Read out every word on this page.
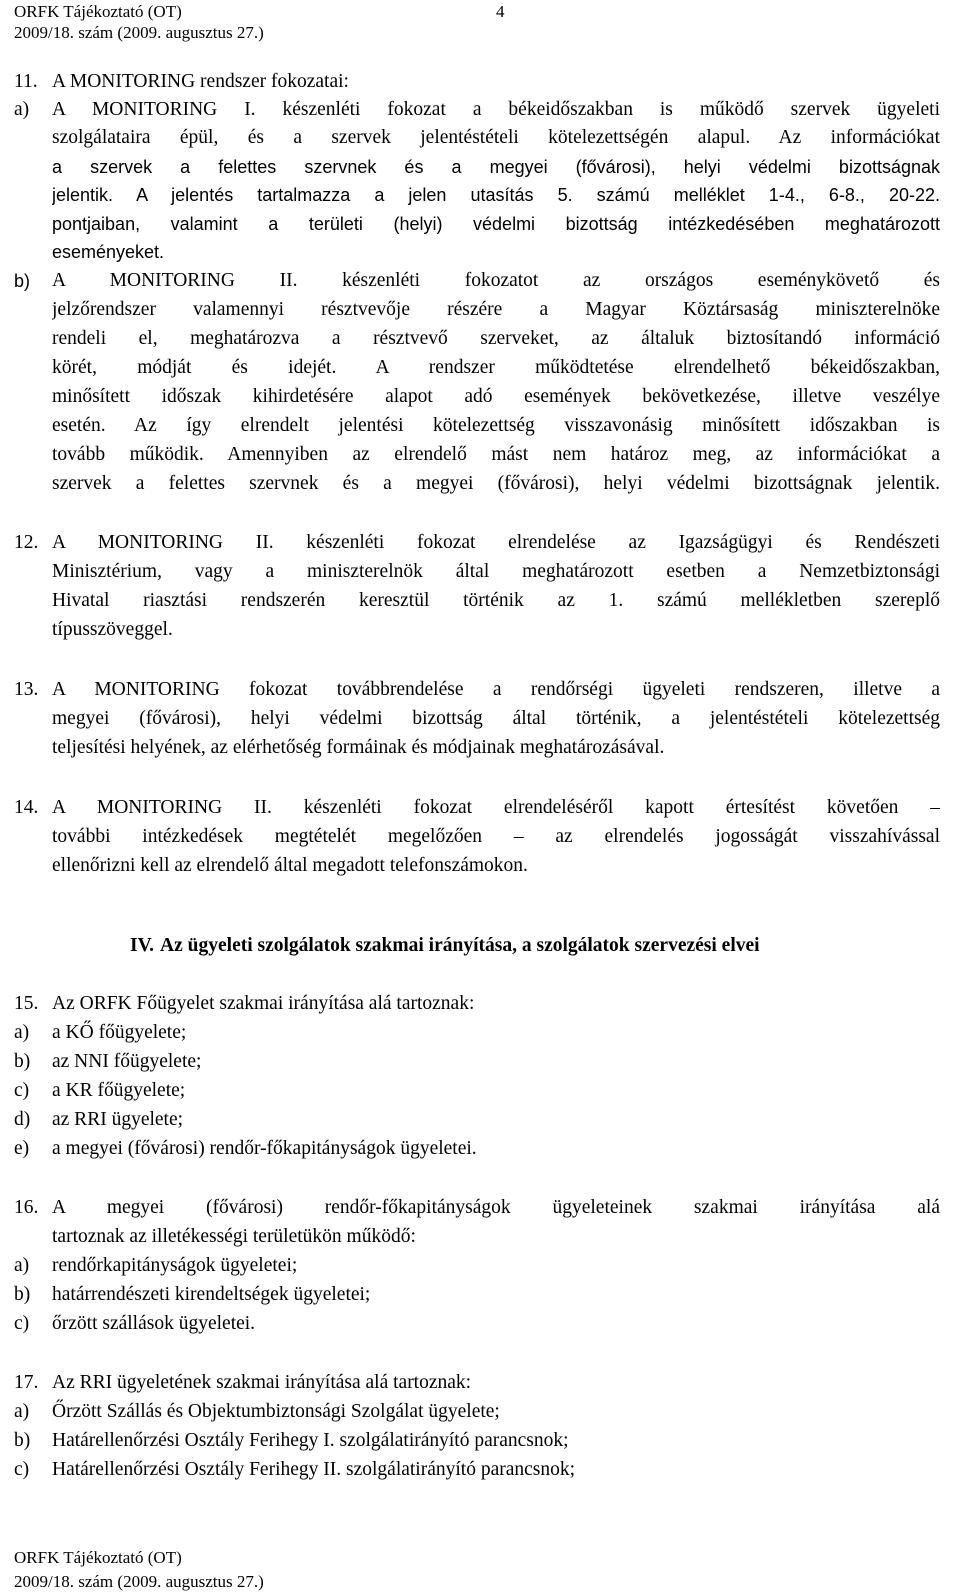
ORFK Tájékoztató (OT)	4
2009/18. szám (2009. augusztus 27.)
11. A MONITORING rendszer fokozatai:
a) A MONITORING I. készenléti fokozat a békeidőszakban is működő szervek ügyeleti
szolgálataira épül, és a szervek jelentéstételi kötelezettségén alapul. Az információkat
a szervek a felettes szervnek és a megyei (fővárosi), helyi védelmi bizottságnak
jelentik. A jelentés tartalmazza a jelen utasítás 5. számú melléklet 1-4., 6-8., 20-22.
pontjaiban, valamint a területi (helyi) védelmi bizottság intézkedésében meghatározott
eseményeket.
b) A MONITORING II. készenléti fokozatot az országos eseménykövető és
jelzőrendszer valamennyi résztvevője részére a Magyar Köztársaság miniszterelnöke
rendeli el, meghatározva a résztvevő szerveket, az általuk biztosítandó információ
körét, módját és idejét. A rendszer működtetése elrendelhető békeidőszakban,
minősített időszak kihirdetésére alapot adó események bekövetkezése, illetve veszélye
esetén. Az így elrendelt jelentési kötelezettség visszavonásig minősített időszakban is
tovább működik. Amennyiben az elrendelő mást nem határoz meg, az információkat a
szervek a felettes szervnek és a megyei (fővárosi), helyi védelmi bizottságnak jelentik.
12. A MONITORING II. készenléti fokozat elrendelése az Igazságügyi és Rendészeti
Minisztérium, vagy a miniszterelnök által meghatározott esetben a Nemzetbiztonsági
Hivatal riasztási rendszerén keresztül történik az 1. számú mellékletben szereplő
típusszöveggel.
13. A MONITORING fokozat továbbrendelése a rendőrségi ügyeleti rendszeren, illetve a
megyei (fővárosi), helyi védelmi bizottság által történik, a jelentéstételi kötelezettség
teljesítési helyének, az elérhetőség formáinak és módjainak meghatározásával.
14. A MONITORING II. készenléti fokozat elrendeléséről kapott értesítést követően –
további intézkedések megtételét megelőzően – az elrendelés jogosságát visszahívással
ellenőrizni kell az elrendelő által megadott telefonszámokon.
IV. Az ügyeleti szolgálatok szakmai irányítása, a szolgálatok szervezési elvei
15. Az ORFK Főügyelet szakmai irányítása alá tartoznak:
a) a KŐ főügyelete;
b) az NNI főügyelete;
c) a KR főügyelete;
d) az RRI ügyelete;
e) a megyei (fővárosi) rendőr-főkapitányságok ügyeletei.
16. A megyei (fővárosi) rendőr-főkapitányságok ügyeleteinek szakmai irányítása alá
tartoznak az illetékességi területükön működő:
a) rendőrkapitányságok ügyeletei;
b) határrendészeti kirendeltségek ügyeletei;
c) őrzött szállások ügyeletei.
17. Az RRI ügyeletének szakmai irányítása alá tartoznak:
a) Őrzött Szállás és Objektumbiztonsági Szolgálat ügyelete;
b) Határellenőrzési Osztály Ferihegy I. szolgálatirányító parancsnok;
c) Határellenőrzési Osztály Ferihegy II. szolgálatirányító parancsnok;
ORFK Tájékoztató (OT)
2009/18. szám (2009. augusztus 27.)
